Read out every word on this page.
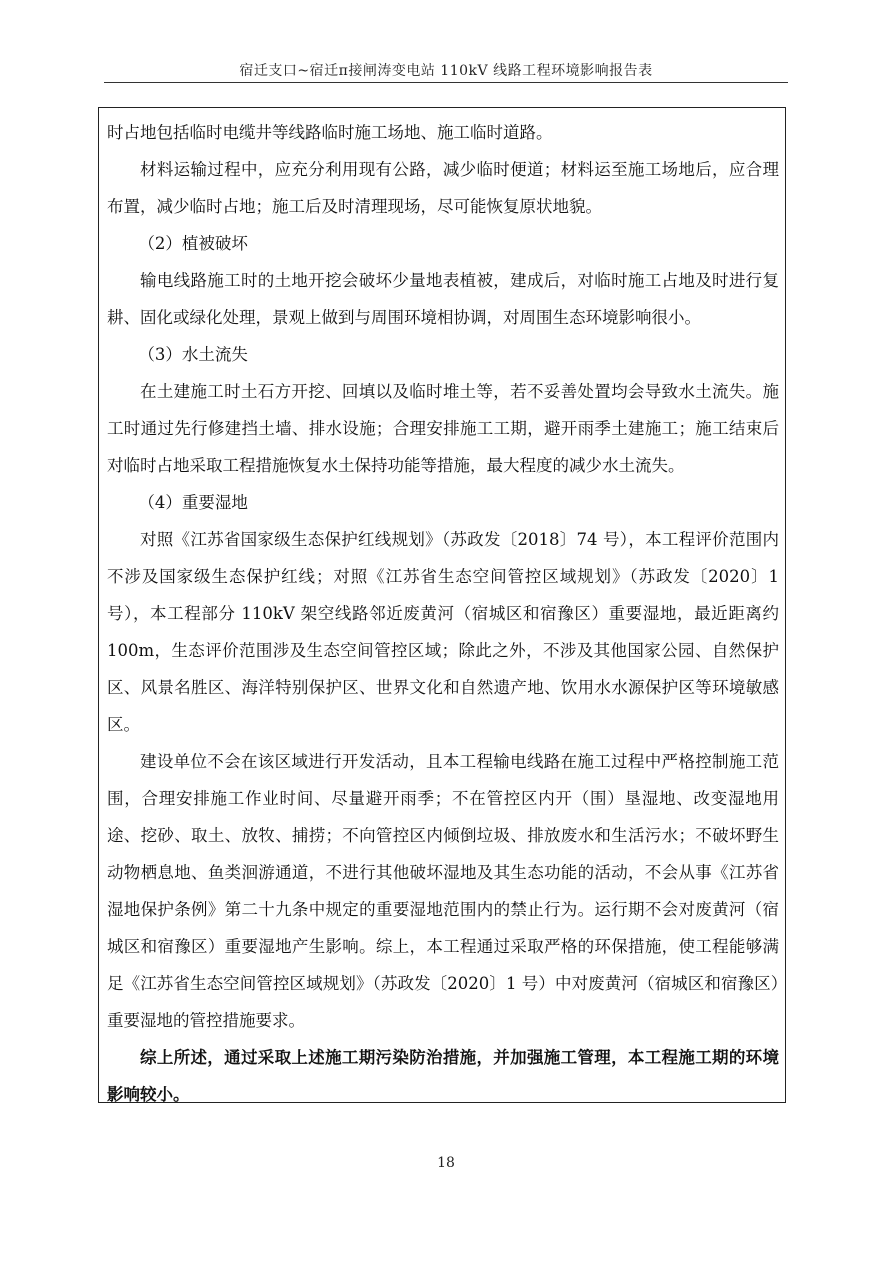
宿迁支口~宿迁π接闸涛变电站 110kV 线路工程环境影响报告表

时占地包括临时电缆井等线路临时施工场地、施工临时道路。

材料运输过程中，应充分利用现有公路，减少临时便道；材料运至施工场地后，应合理布置，减少临时占地；施工后及时清理现场，尽可能恢复原状地貌。

（2）植被破坏

输电线路施工时的土地开挖会破坏少量地表植被，建成后，对临时施工占地及时进行复耕、固化或绿化处理，景观上做到与周围环境相协调，对周围生态环境影响很小。

（3）水土流失

在土建施工时土石方开挖、回填以及临时堆土等，若不妥善处置均会导致水土流失。施工时通过先行修建挡土墙、排水设施；合理安排施工工期，避开雨季土建施工；施工结束后对临时占地采取工程措施恢复水土保持功能等措施，最大程度的减少水土流失。

（4）重要湿地

对照《江苏省国家级生态保护红线规划》（苏政发〔2018〕74 号），本工程评价范围内不涉及国家级生态保护红线；对照《江苏省生态空间管控区域规划》（苏政发〔2020〕1 号），本工程部分 110kV 架空线路邻近废黄河（宿城区和宿豫区）重要湿地，最近距离约 100m，生态评价范围涉及生态空间管控区域；除此之外，不涉及其他国家公园、自然保护区、风景名胜区、海洋特别保护区、世界文化和自然遗产地、饮用水水源保护区等环境敏感区。

建设单位不会在该区域进行开发活动，且本工程输电线路在施工过程中严格控制施工范围，合理安排施工作业时间、尽量避开雨季；不在管控区内开（围）垦湿地、改变湿地用途、挖砂、取土、放牧、捕捞；不向管控区内倾倒垃圾、排放废水和生活污水；不破坏野生动物栖息地、鱼类洄游通道，不进行其他破坏湿地及其生态功能的活动，不会从事《江苏省湿地保护条例》第二十九条中规定的重要湿地范围内的禁止行为。运行期不会对废黄河（宿城区和宿豫区）重要湿地产生影响。综上，本工程通过采取严格的环保措施，使工程能够满足《江苏省生态空间管控区域规划》（苏政发〔2020〕1 号）中对废黄河（宿城区和宿豫区）重要湿地的管控措施要求。

综上所述，通过采取上述施工期污染防治措施，并加强施工管理，本工程施工期的环境影响较小。

18
